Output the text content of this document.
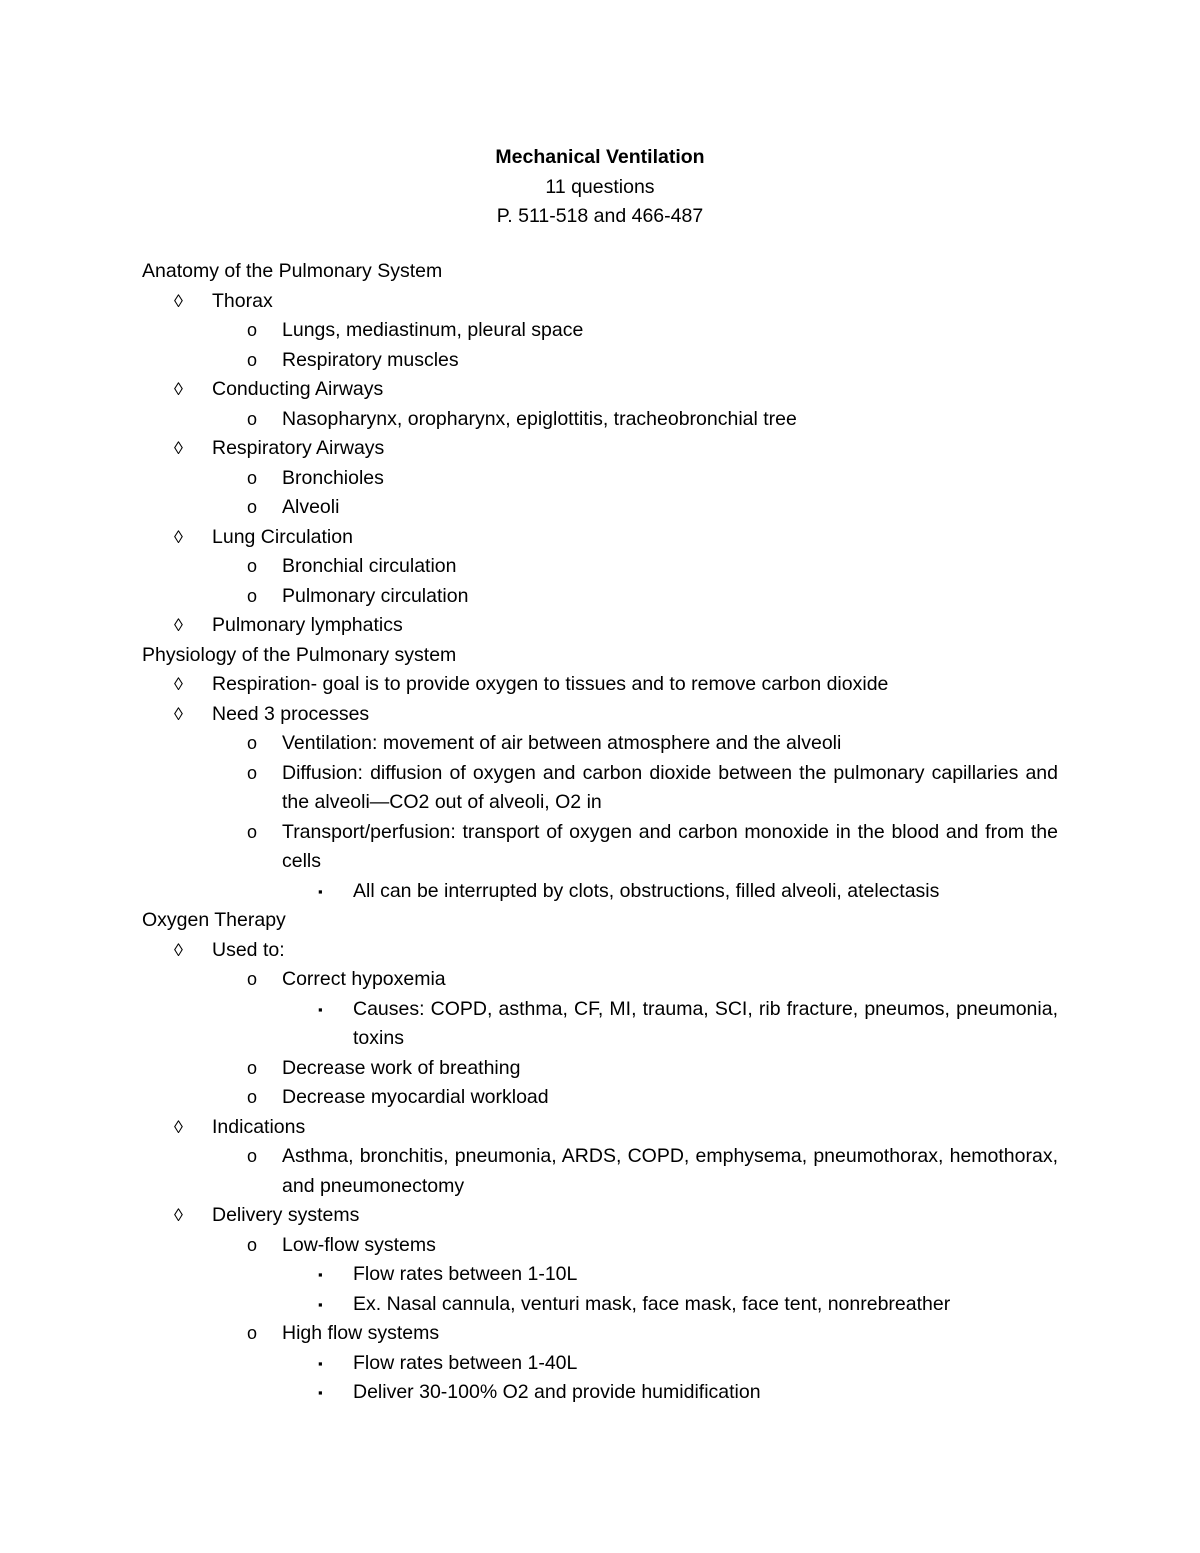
Mechanical Ventilation
11 questions
P. 511-518 and 466-487
Anatomy of the Pulmonary System
◊ Thorax
o Lungs, mediastinum, pleural space
o Respiratory muscles
◊ Conducting Airways
o Nasopharynx, oropharynx, epiglottitis, tracheobronchial tree
◊ Respiratory Airways
o Bronchioles
o Alveoli
◊ Lung Circulation
o Bronchial circulation
o Pulmonary circulation
◊ Pulmonary lymphatics
Physiology of the Pulmonary system
◊ Respiration- goal is to provide oxygen to tissues and to remove carbon dioxide
◊ Need 3 processes
o Ventilation: movement of air between atmosphere and the alveoli
o Diffusion: diffusion of oxygen and carbon dioxide between the pulmonary capillaries and the alveoli—CO2 out of alveoli, O2 in
o Transport/perfusion: transport of oxygen and carbon monoxide in the blood and from the cells
▪ All can be interrupted by clots, obstructions, filled alveoli, atelectasis
Oxygen Therapy
◊ Used to:
o Correct hypoxemia
▪ Causes: COPD, asthma, CF, MI, trauma, SCI, rib fracture, pneumos, pneumonia, toxins
o Decrease work of breathing
o Decrease myocardial workload
◊ Indications
o Asthma, bronchitis, pneumonia, ARDS, COPD, emphysema, pneumothorax, hemothorax, and pneumonectomy
◊ Delivery systems
o Low-flow systems
▪ Flow rates between 1-10L
▪ Ex. Nasal cannula, venturi mask, face mask, face tent, nonrebreather
o High flow systems
▪ Flow rates between 1-40L
▪ Deliver 30-100% O2 and provide humidification
